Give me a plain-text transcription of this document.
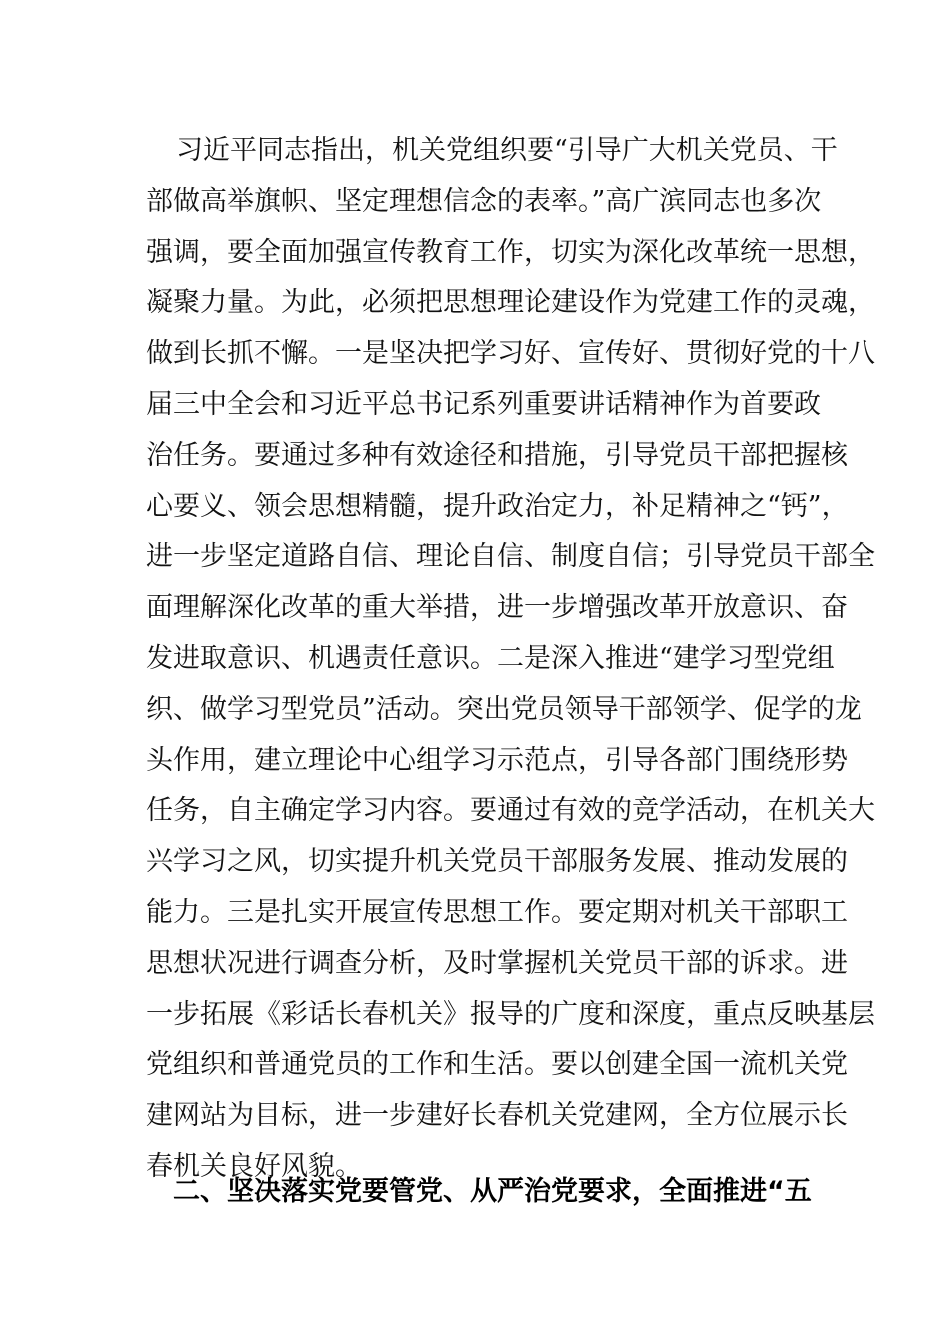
习近平同志指出，机关党组织要“引导广大机关党员、干
部做高举旗帜、坚定理想信念的表率。”高广滨同志也多次
强调，要全面加强宣传教育工作，切实为深化改革统一思想，
凝聚力量。为此，必须把思想理论建设作为党建工作的灵魂，
做到长抓不懈。一是坚决把学习好、宣传好、贯彻好党的十八
届三中全会和习近平总书记系列重要讲话精神作为首要政
治任务。要通过多种有效途径和措施，引导党员干部把握核
心要义、领会思想精髓，提升政治定力，补足精神之“钙”，
进一步坚定道路自信、理论自信、制度自信；引导党员干部全
面理解深化改革的重大举措，进一步增强改革开放意识、奋
发进取意识、机遇责任意识。二是深入推进“建学习型党组
织、做学习型党员”活动。突出党员领导干部领学、促学的龙
头作用，建立理论中心组学习示范点，引导各部门围绕形势
任务，自主确定学习内容。要通过有效的竞学活动，在机关大
兴学习之风，切实提升机关党员干部服务发展、推动发展的
能力。三是扎实开展宣传思想工作。要定期对机关干部职工
思想状况进行调查分析，及时掌握机关党员干部的诉求。进
一步拓展《彩话长春机关》报导的广度和深度，重点反映基层
党组织和普通党员的工作和生活。要以创建全国一流机关党
建网站为目标，进一步建好长春机关党建网，全方位展示长
春机关良好风貌。
二、坚决落实党要管党、从严治党要求，全面推进“五
